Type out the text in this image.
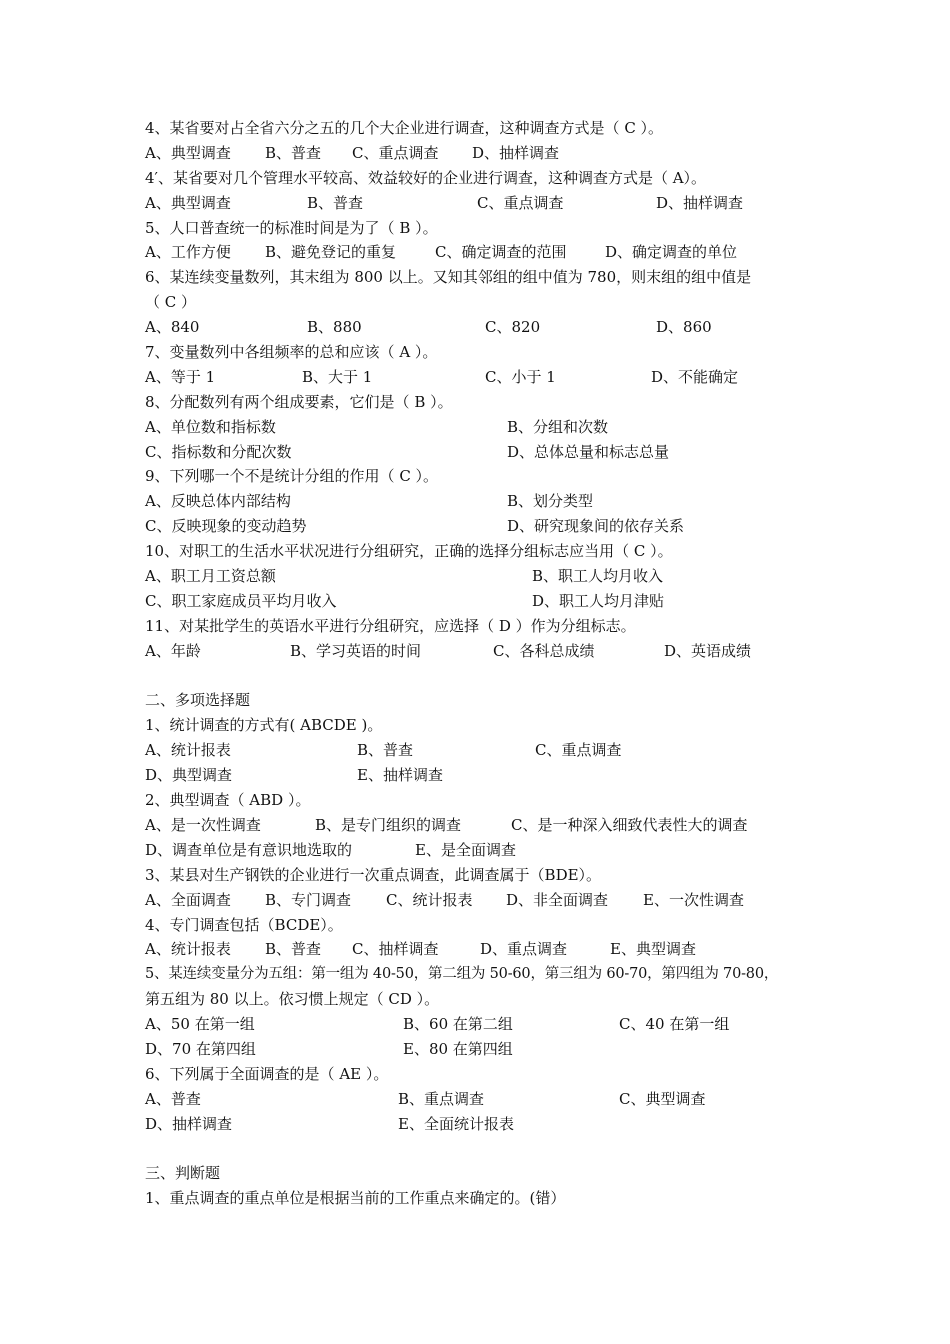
4、某省要对占全省六分之五的几个大企业进行调查，这种调查方式是（ C ）。
A、典型调查 B、普查 C、重点调查 D、抽样调查
4′、某省要对几个管理水平较高、效益较好的企业进行调查，这种调查方式是（ A）。
A、典型调查	B、普查	C、重点调查	D、抽样调查
5、人口普查统一的标准时间是为了（ B ）。
A、工作方便 B、避免登记的重复	C、确定调查的范围	D、确定调查的单位
6、某连续变量数列，其末组为 800 以上。又知其邻组的组中值为 780，则末组的组中值是
（ C ）
A、840	B、880	C、820	D、860
7、变量数列中各组频率的总和应该（ A ）。
A、等于 1	B、大于 1	C、小于 1	D、不能确定
8、分配数列有两个组成要素，它们是（ B ）。
A、单位数和指标数	B、分组和次数
C、指标数和分配次数	D、总体总量和标志总量
9、下列哪一个不是统计分组的作用（ C ）。
A、反映总体内部结构	B、划分类型
C、反映现象的变动趋势	D、研究现象间的依存关系
10、对职工的生活水平状况进行分组研究，正确的选择分组标志应当用（ C ）。
A、职工月工资总额	B、职工人均月收入
C、职工家庭成员平均月收入	D、职工人均月津贴
11、对某批学生的英语水平进行分组研究，应选择（ D ）作为分组标志。
A、年龄	B、学习英语的时间	C、各科总成绩	D、英语成绩
二、多项选择题
1、统计调查的方式有( ABCDE )。
A、统计报表	B、普查	C、重点调查
D、典型调查	E、抽样调查
2、典型调查（ ABD ）。
A、是一次性调查	B、是专门组织的调查	C、是一种深入细致代表性大的调查
D、调查单位是有意识地选取的	E、是全面调查
3、某县对生产钢铁的企业进行一次重点调查，此调查属于（BDE）。
A、全面调查 B、专门调查 C、统计报表 D、非全面调查 E、一次性调查
4、专门调查包括（BCDE）。
A、统计报表 B、普查 C、抽样调查	D、重点调查	E、典型调查
5、某连续变量分为五组：第一组为 40-50，第二组为 50-60，第三组为 60-70，第四组为 70-80，
第五组为 80 以上。依习惯上规定（ CD ）。
A、50 在第一组	B、60 在第二组	C、40 在第一组
D、70 在第四组	E、80 在第四组
6、下列属于全面调查的是（ AE ）。
A、普查	B、重点调查	C、典型调查
D、抽样调查	E、全面统计报表
三、判断题
1、重点调查的重点单位是根据当前的工作重点来确定的。(错）
